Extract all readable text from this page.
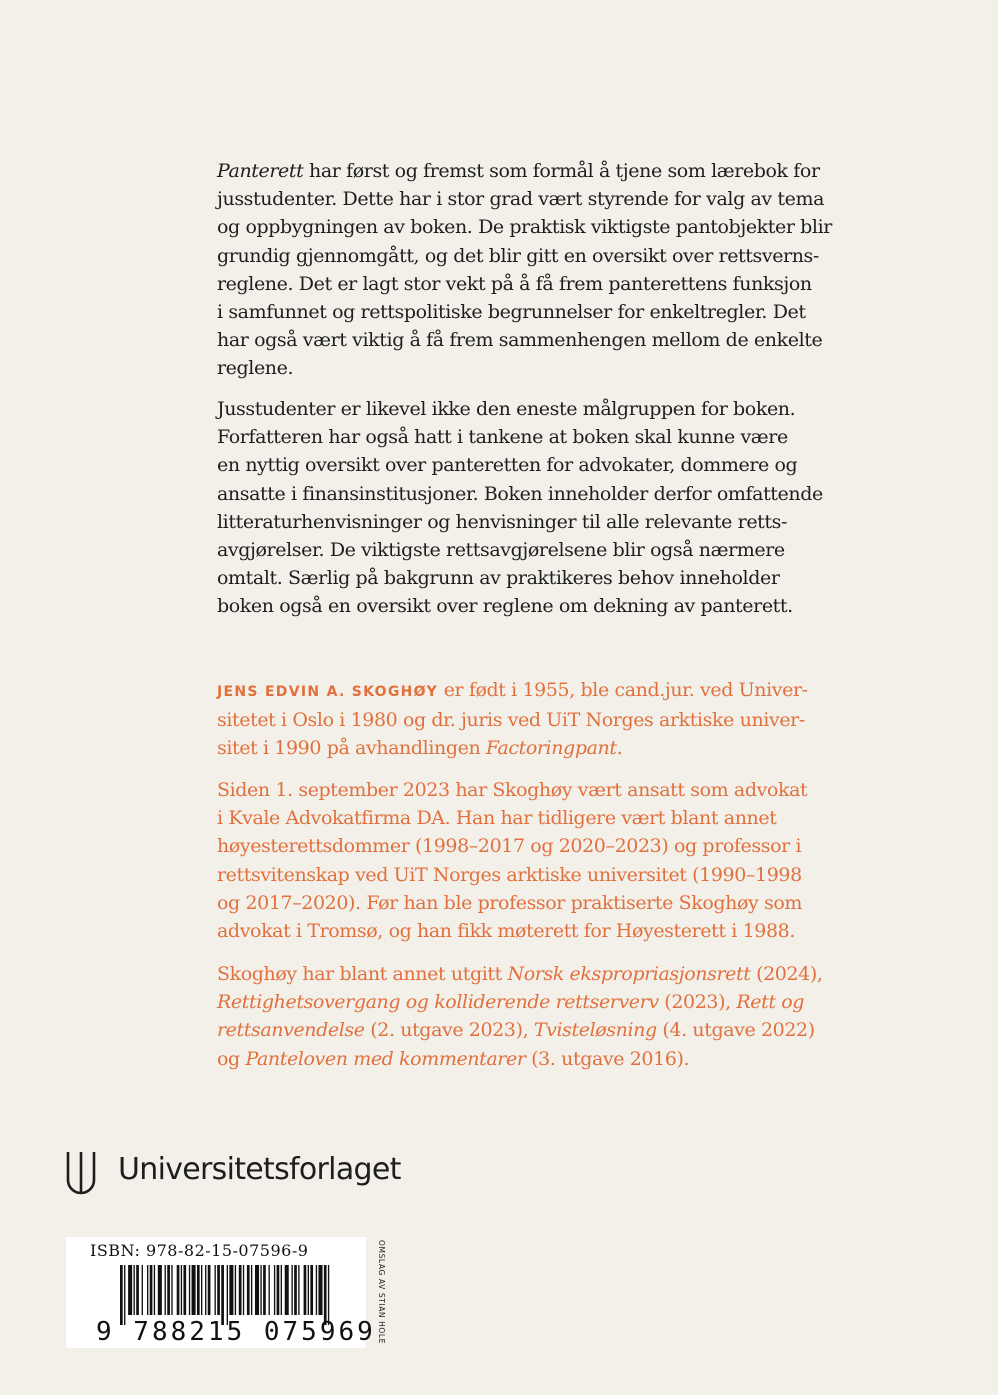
Panterett har først og fremst som formål å tjene som lærebok for
jusstudenter. Dette har i stor grad vært styrende for valg av tema
og oppbygningen av boken. De praktisk viktigste pantobjekter blir
grundig gjennomgått, og det blir gitt en oversikt over rettsverns-
reglene. Det er lagt stor vekt på å få frem panterettens funksjon
i samfunnet og rettspolitiske begrunnelser for enkeltregler. Det
har også vært viktig å få frem sammenhengen mellom de enkelte
reglene.
Jusstudenter er likevel ikke den eneste målgruppen for boken.
Forfatteren har også hatt i tankene at boken skal kunne være
en nyttig oversikt over panteretten for advokater, dommere og
ansatte i finansinstitusjoner. Boken inneholder derfor omfattende
litteraturhenvisninger og henvisninger til alle relevante retts-
avgjørelser. De viktigste rettsavgjørelsene blir også nærmere
omtalt. Særlig på bakgrunn av praktikeres behov inneholder
boken også en oversikt over reglene om dekning av panterett.
JENS EDVIN A. SKOGHØY er født i 1955, ble cand.jur. ved Univer-
sitetet i Oslo i 1980 og dr. juris ved UiT Norges arktiske univer-
sitet i 1990 på avhandlingen Factoringpant.
Siden 1. september 2023 har Skoghøy vært ansatt som advokat
i Kvale Advokatfirma DA. Han har tidligere vært blant annet
høyesterettsdommer (1998–2017 og 2020–2023) og professor i
rettsvitenskap ved UiT Norges arktiske universitet (1990–1998
og 2017–2020). Før han ble professor praktiserte Skoghøy som
advokat i Tromsø, og han fikk møterett for Høyesterett i 1988.
Skoghøy har blant annet utgitt Norsk ekspropriasjonsrett (2024),
Rettighetsovergang og kolliderende rettserverv (2023), Rett og
rettsanvendelse (2. utgave 2023), Tvisteløsning (4. utgave 2022)
og Panteloven med kommentarer (3. utgave 2016).
Universitetsforlaget
ISBN: 978-82-15-07596-9
9 788215 075969 OMSLAG AV STIAN HOLE
